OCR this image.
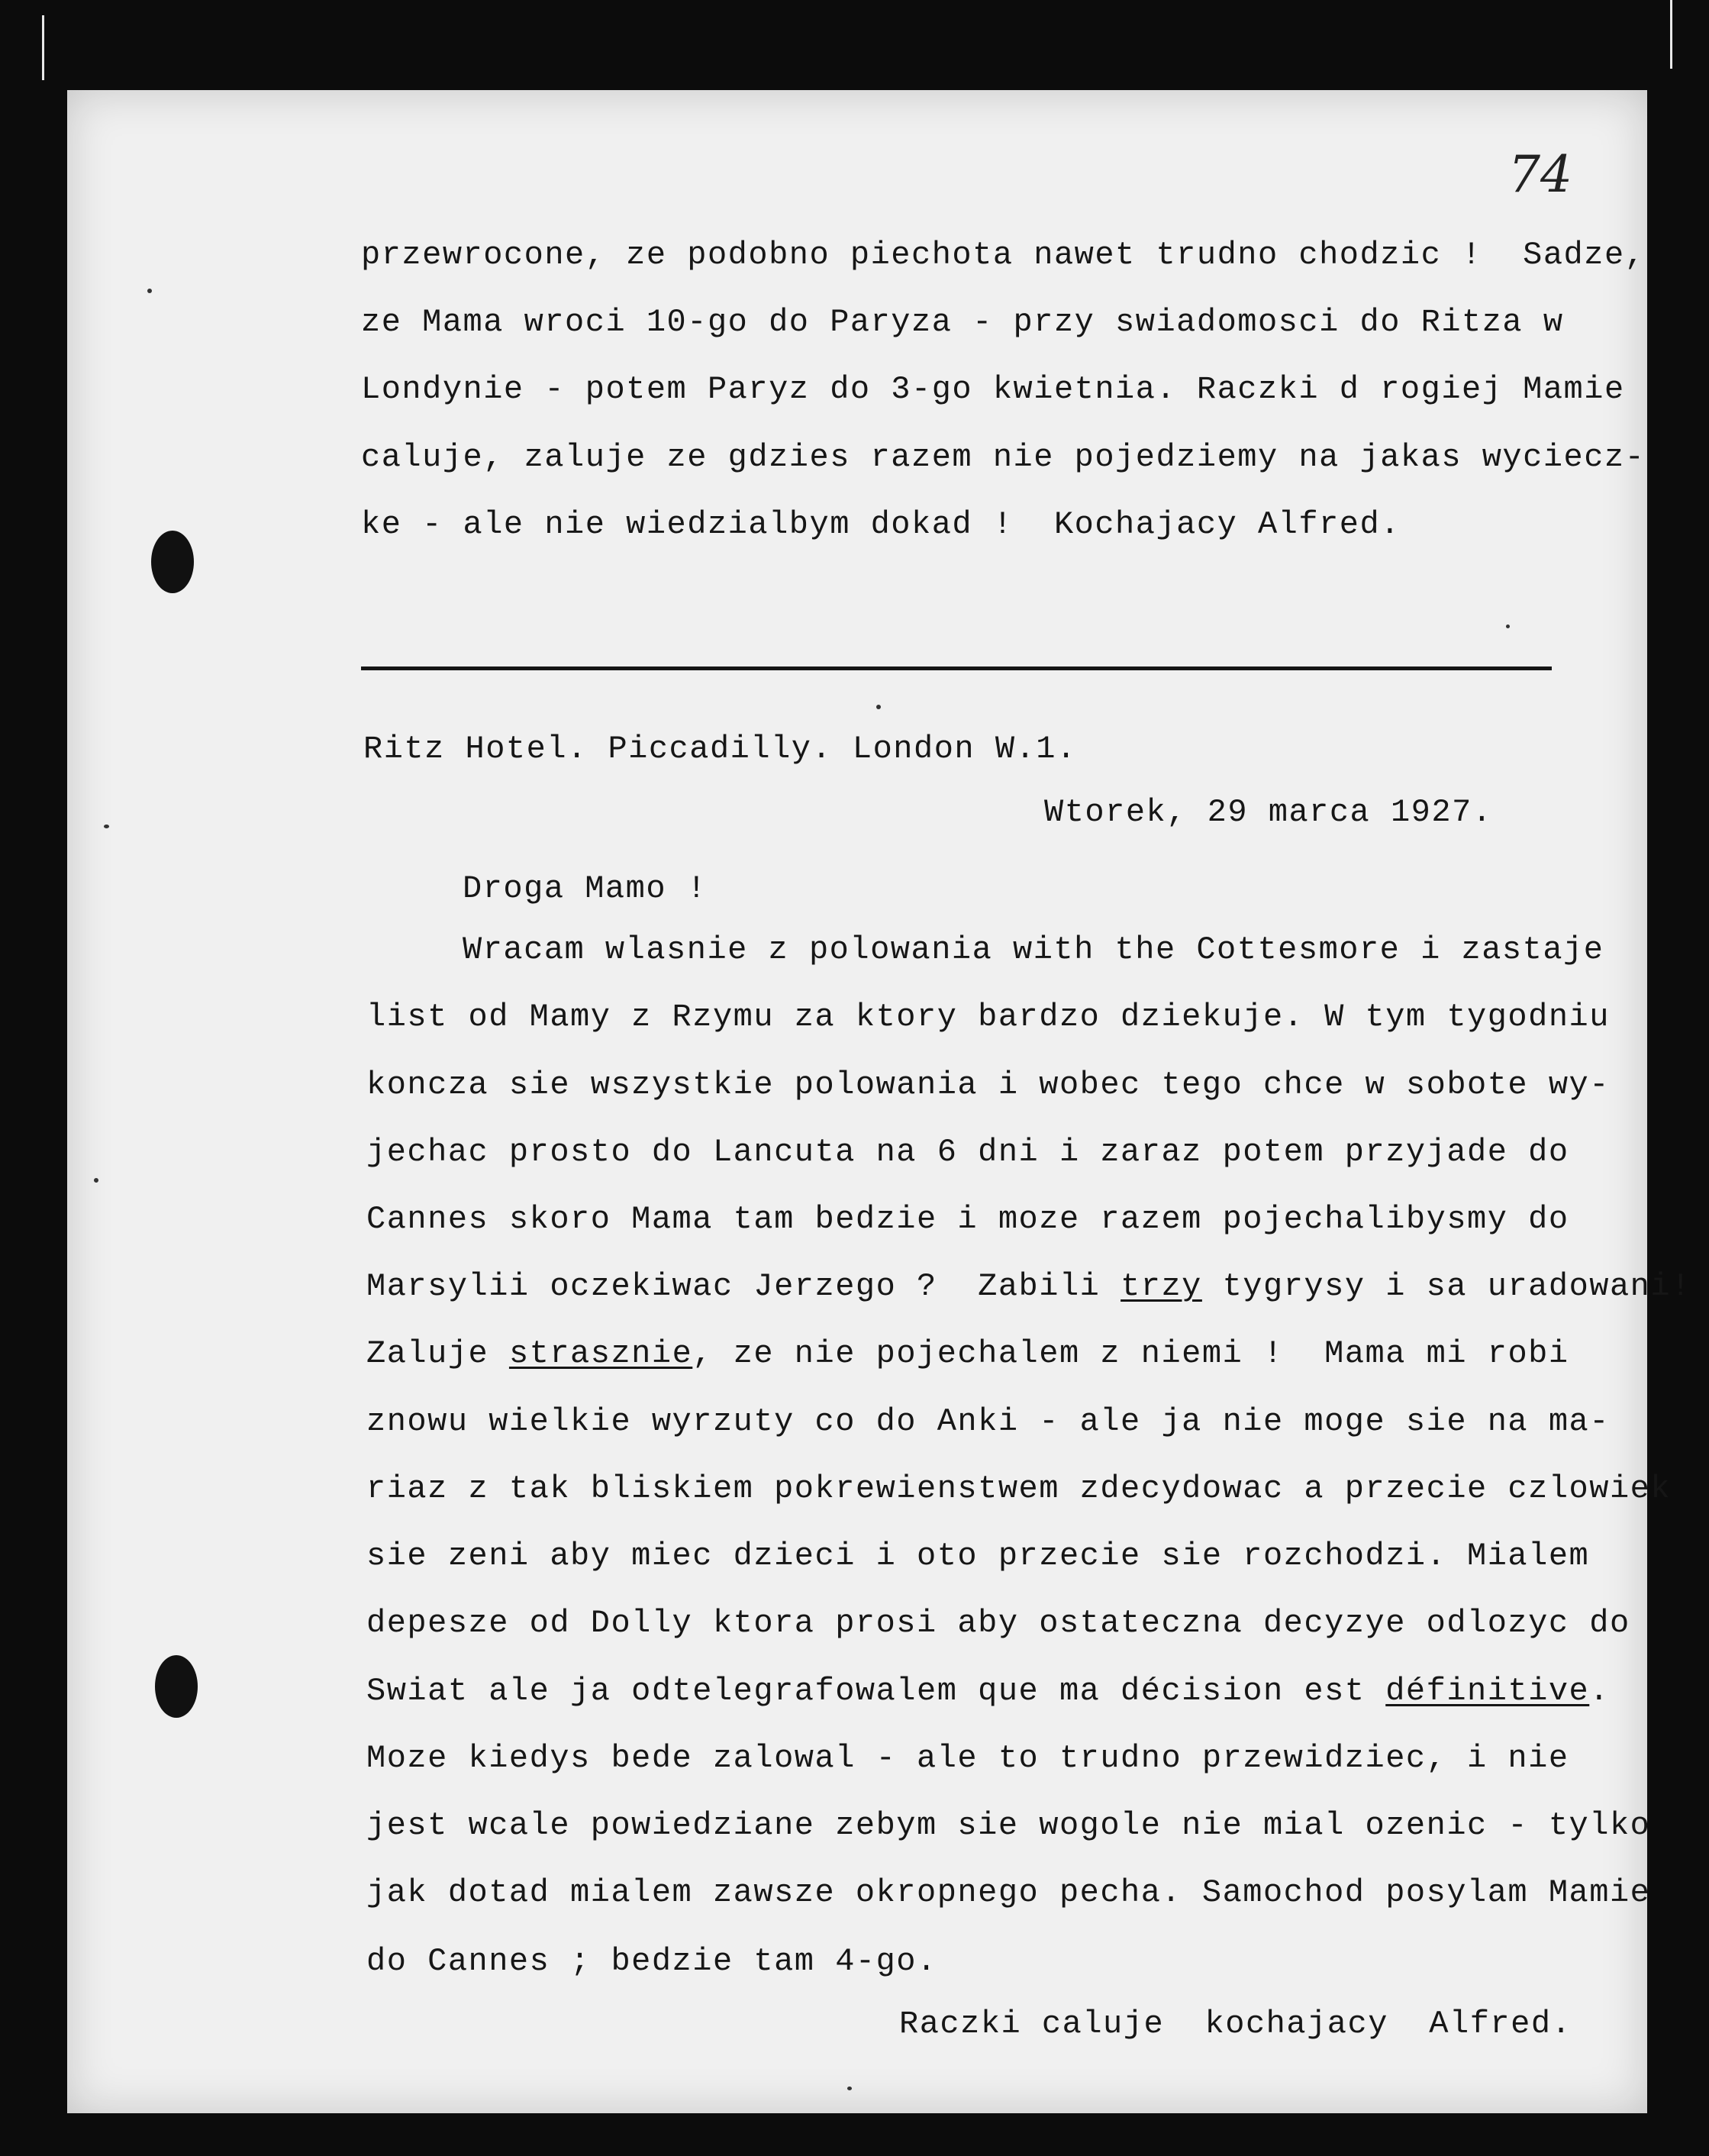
74
przewrocone, ze podobno piechota nawet trudno chodzic !  Sadze,
ze Mama wroci 10-go do Paryza - przy swiadomosci do Ritza w
Londynie - potem Paryz do 3-go kwietnia. Raczki d rogiej Mamie
caluje, zaluje ze gdzies razem nie pojedziemy na jakas wyciecz-
ke - ale nie wiedzialbym dokad !  Kochajacy Alfred.
Ritz Hotel. Piccadilly. London W.1.
Wtorek, 29 marca 1927.
Droga Mamo !
Wracam wlasnie z polowania with the Cottesmore i zastaje
list od Mamy z Rzymu za ktory bardzo dziekuje. W tym tygodniu
koncza sie wszystkie polowania i wobec tego chce w sobote wy-
jechac prosto do Lancuta na 6 dni i zaraz potem przyjade do
Cannes skoro Mama tam bedzie i moze razem pojechalibysmy do
Marsylii oczekiwac Jerzego ?  Zabili trzy tygrysy i sa uradowani!
Zaluje strasznie, ze nie pojechalem z niemi !  Mama mi robi
znowu wielkie wyrzuty co do Anki - ale ja nie moge sie na ma-
riaz z tak bliskiem pokrewienstwem zdecydowac a przecie czlowiek
sie zeni aby miec dzieci i oto przecie sie rozchodzi. Mialem
depesze od Dolly ktora prosi aby ostateczna decyzye odlozyc do
Swiat ale ja odtelegrafowalem que ma décision est définitive.
Moze kiedys bede zalowal - ale to trudno przewidziec, i nie
jest wcale powiedziane zebym sie wogole nie mial ozenic - tylko
jak dotad mialem zawsze okropnego pecha. Samochod posylam Mamie
do Cannes ; bedzie tam 4-go.
Raczki caluje  kochajacy  Alfred.
